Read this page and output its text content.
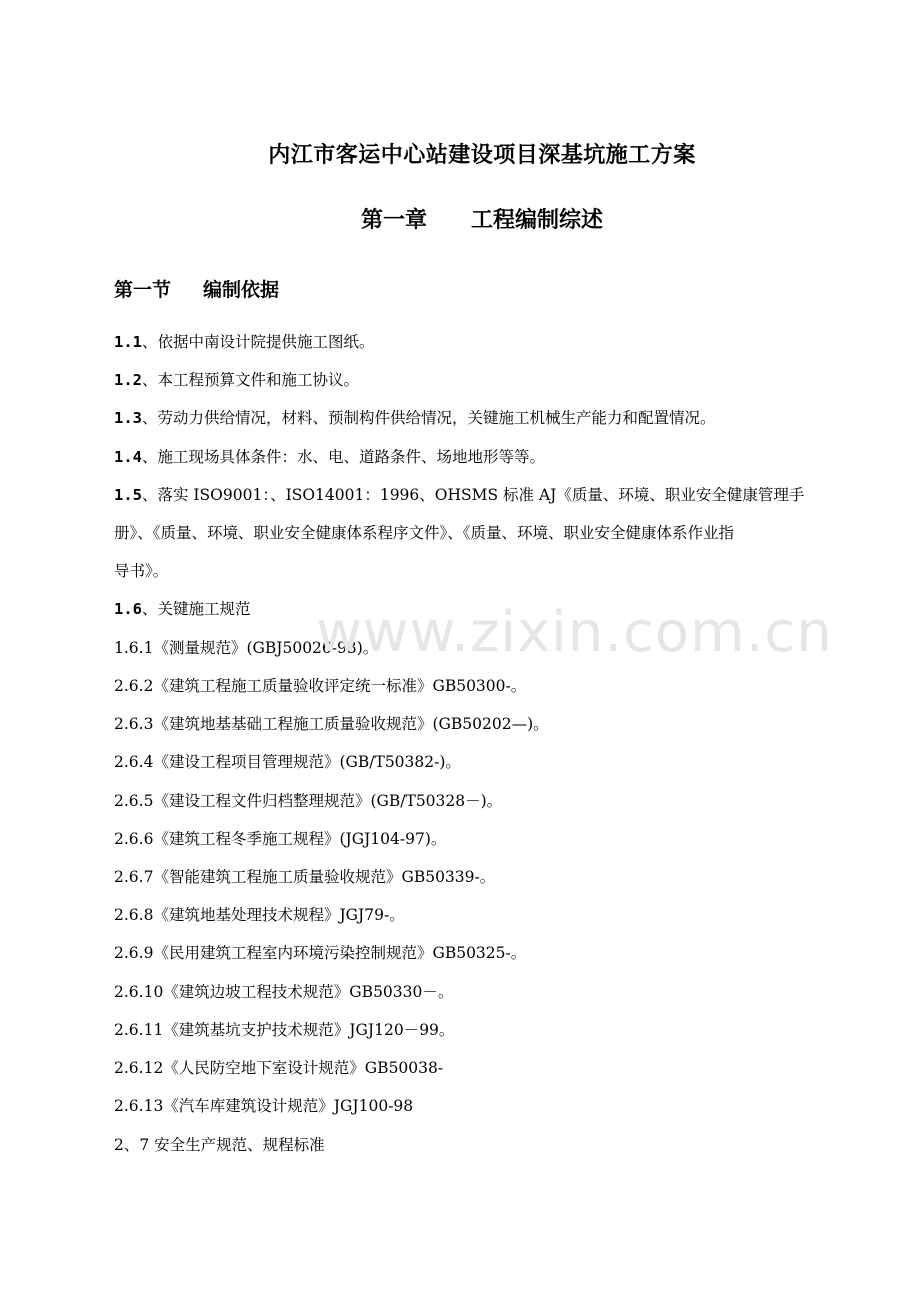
内江市客运中心站建设项目深基坑施工方案
第一章 工程编制综述
第一节 编制依据
1.1、依据中南设计院提供施工图纸。
1.2、本工程预算文件和施工协议。
1.3、劳动力供给情况，材料、预制构件供给情况，关键施工机械生产能力和配置情况。
1.4、施工现场具体条件：水、电、道路条件、场地地形等等。
1.5、落实 ISO9001：、ISO14001：1996、OHSMS 标准 AJ《质量、环境、职业安全健康管理手
册》、《质量、环境、职业安全健康体系程序文件》、《质量、环境、职业安全健康体系作业指
导书》。
1.6、关键施工规范
1.6.1《测量规范》(GBJ50026-93)。
2.6.2《建筑工程施工质量验收评定统一标准》GB50300-。
2.6.3《建筑地基基础工程施工质量验收规范》(GB50202—)。
2.6.4《建设工程项目管理规范》(GB/T50382-)。
2.6.5《建设工程文件归档整理规范》(GB/T50328－)。
2.6.6《建筑工程冬季施工规程》(JGJ104-97)。
2.6.7《智能建筑工程施工质量验收规范》GB50339-。
2.6.8《建筑地基处理技术规程》JGJ79-。
2.6.9《民用建筑工程室内环境污染控制规范》GB50325-。
2.6.10《建筑边坡工程技术规范》GB50330－。
2.6.11《建筑基坑支护技术规范》JGJ120－99。
2.6.12《人民防空地下室设计规范》GB50038-
2.6.13《汽车库建筑设计规范》JGJ100-98
2、7 安全生产规范、规程标准
www.zixin.com.cn
